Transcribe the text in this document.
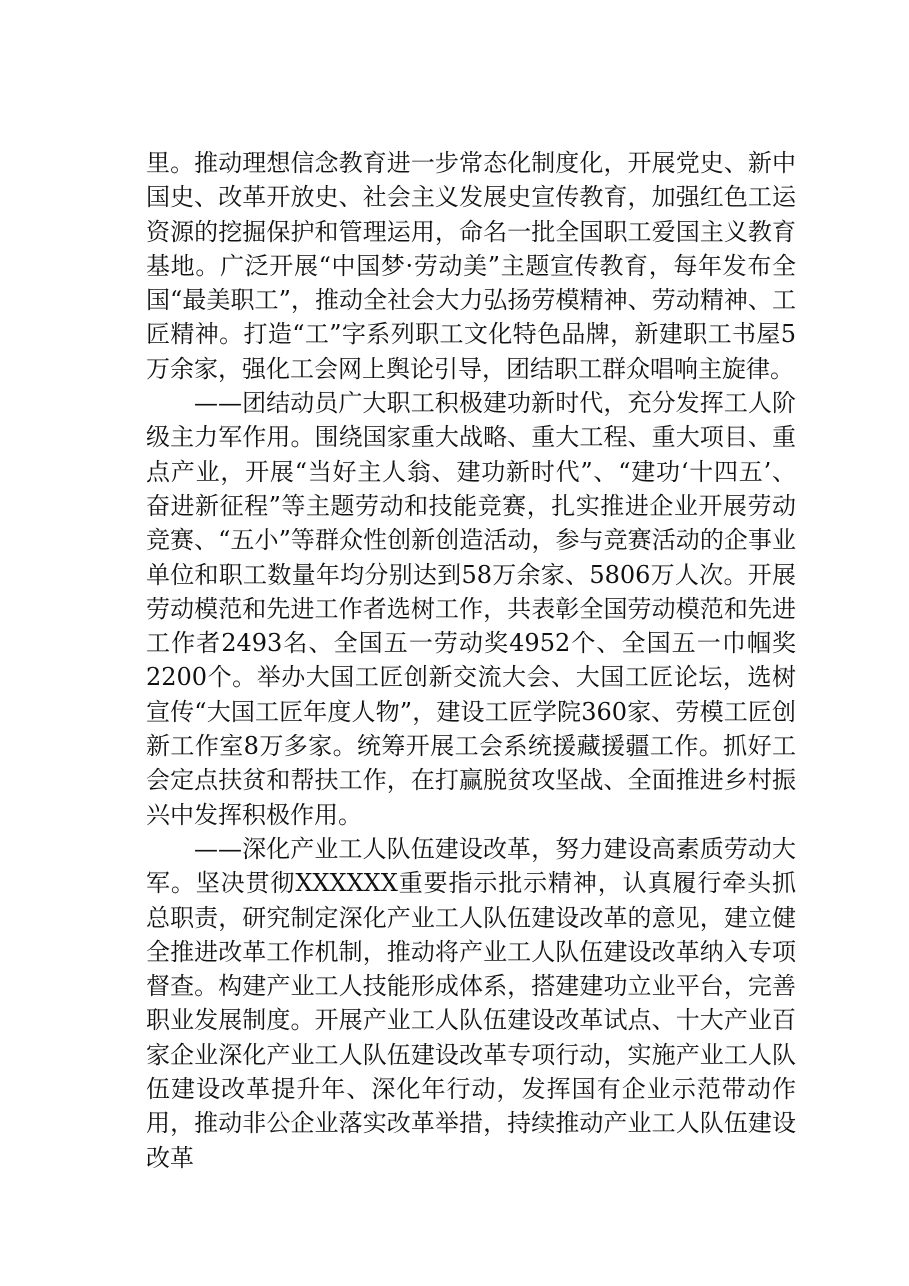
里。推动理想信念教育进一步常态化制度化，开展党史、新中国史、改革开放史、社会主义发展史宣传教育，加强红色工运资源的挖掘保护和管理运用，命名一批全国职工爱国主义教育基地。广泛开展“中国梦·劳动美”主题宣传教育，每年发布全国“最美职工”，推动全社会大力弘扬劳模精神、劳动精神、工匠精神。打造“工”字系列职工文化特色品牌，新建职工书屋5万余家，强化工会网上舆论引导，团结职工群众唱响主旋律。

——团结动员广大职工积极建功新时代，充分发挥工人阶级主力军作用。围绕国家重大战略、重大工程、重大项目、重点产业，开展“当好主人翁、建功新时代”、“建功‘十四五’、奋进新征程”等主题劳动和技能竞赛，扎实推进企业开展劳动竞赛、“五小”等群众性创新创造活动，参与竞赛活动的企事业单位和职工数量年均分别达到58万余家、5806万人次。开展劳动模范和先进工作者选树工作，共表彰全国劳动模范和先进工作者2493名、全国五一劳动奖4952个、全国五一巾帼奖2200个。举办大国工匠创新交流大会、大国工匠论坛，选树宣传“大国工匠年度人物”，建设工匠学院360家、劳模工匠创新工作室8万多家。统筹开展工会系统援藏援疆工作。抓好工会定点扶贫和帮扶工作，在打赢脱贫攻坚战、全面推进乡村振兴中发挥积极作用。

——深化产业工人队伍建设改革，努力建设高素质劳动大军。坚决贯彻XXXXXX重要指示批示精神，认真履行牵头抓总职责，研究制定深化产业工人队伍建设改革的意见，建立健全推进改革工作机制，推动将产业工人队伍建设改革纳入专项督查。构建产业工人技能形成体系，搭建建功立业平台，完善职业发展制度。开展产业工人队伍建设改革试点、十大产业百家企业深化产业工人队伍建设改革专项行动，实施产业工人队伍建设改革提升年、深化年行动，发挥国有企业示范带动作用，推动非公企业落实改革举措，持续推动产业工人队伍建设改革
